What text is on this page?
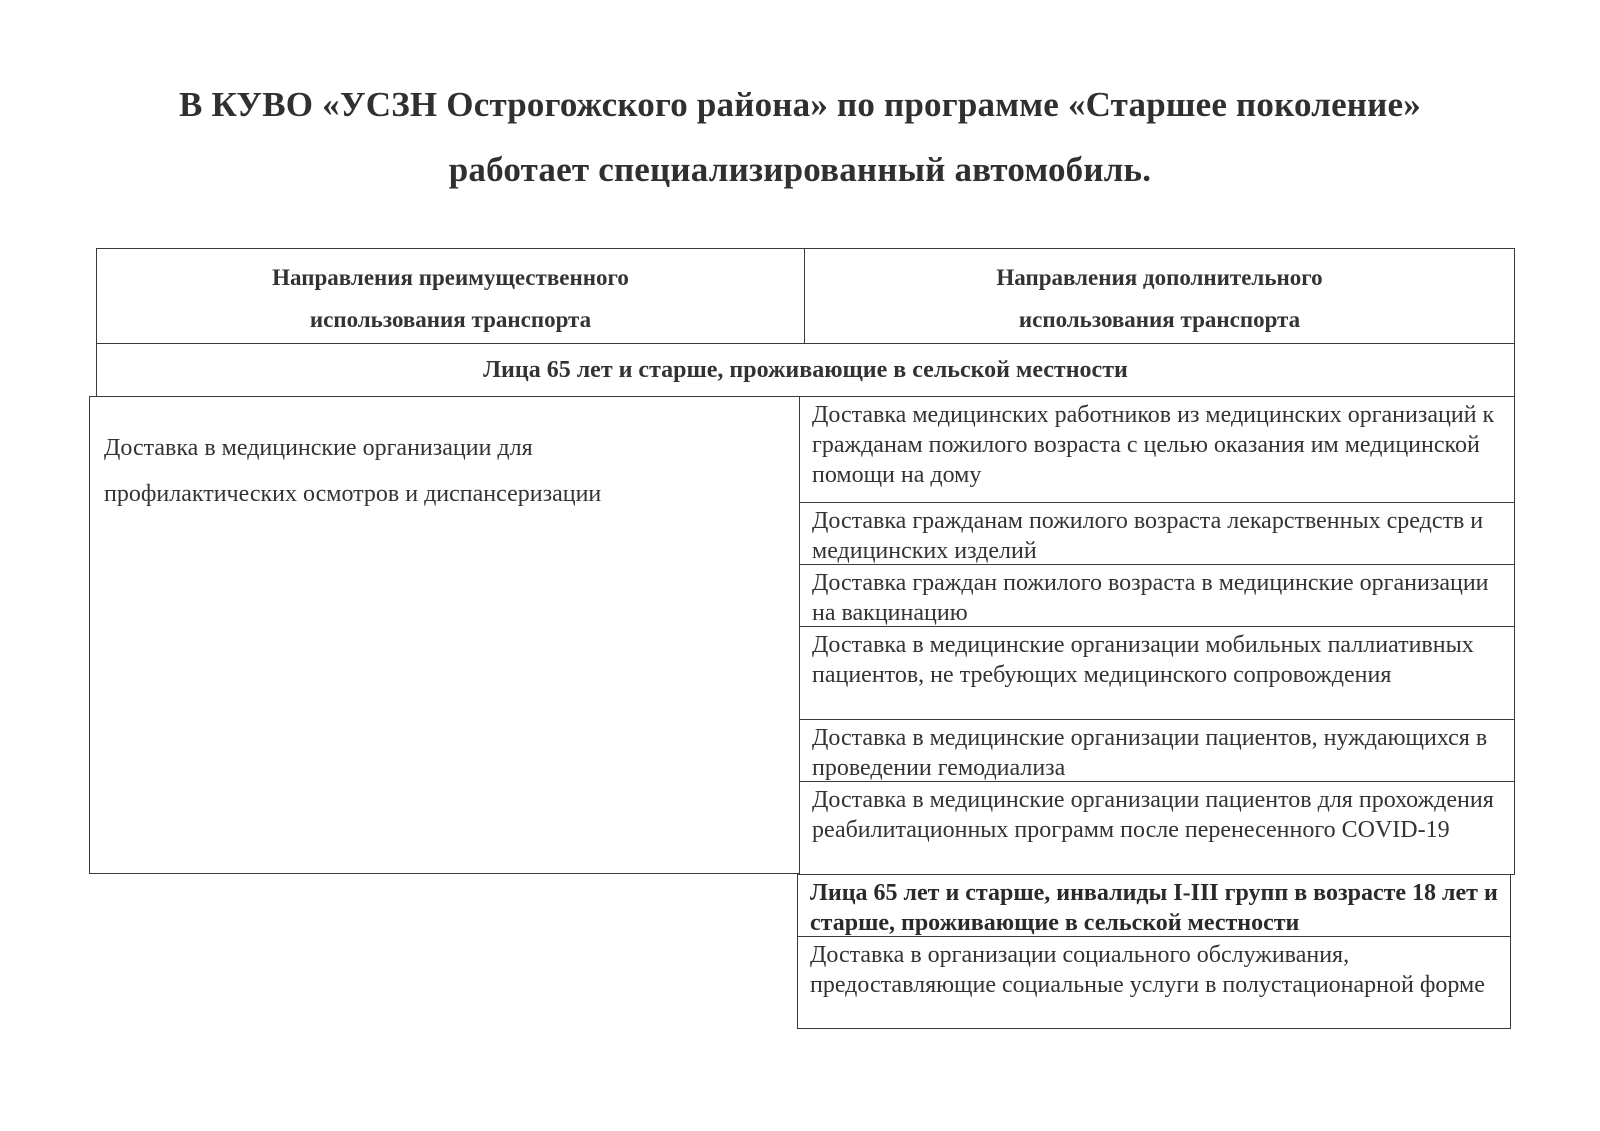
В КУВО «УСЗН Острогожского района» по программе «Старшее поколение»
работает специализированный автомобиль.
Направления преимущественного использования транспорта
Направления дополнительного использования транспорта
Лица 65 лет и старше, проживающие в сельской местности
Доставка в медицинские организации для профилактических осмотров и диспансеризации
Доставка медицинских работников из медицинских организаций к гражданам пожилого возраста с целью оказания им медицинской помощи на дому
Доставка гражданам пожилого возраста лекарственных средств и медицинских изделий
Доставка граждан пожилого возраста в медицинские организации на вакцинацию
Доставка в медицинские организации мобильных паллиативных пациентов, не требующих медицинского сопровождения
Доставка в медицинские организации пациентов, нуждающихся в проведении гемодиализа
Доставка в медицинские организации пациентов для прохождения реабилитационных программ после перенесенного COVID-19
Лица 65 лет и старше, инвалиды I-III групп в возрасте 18 лет и старше, проживающие в сельской местности
Доставка в организации социального обслуживания, предоставляющие социальные услуги в полустационарной форме
